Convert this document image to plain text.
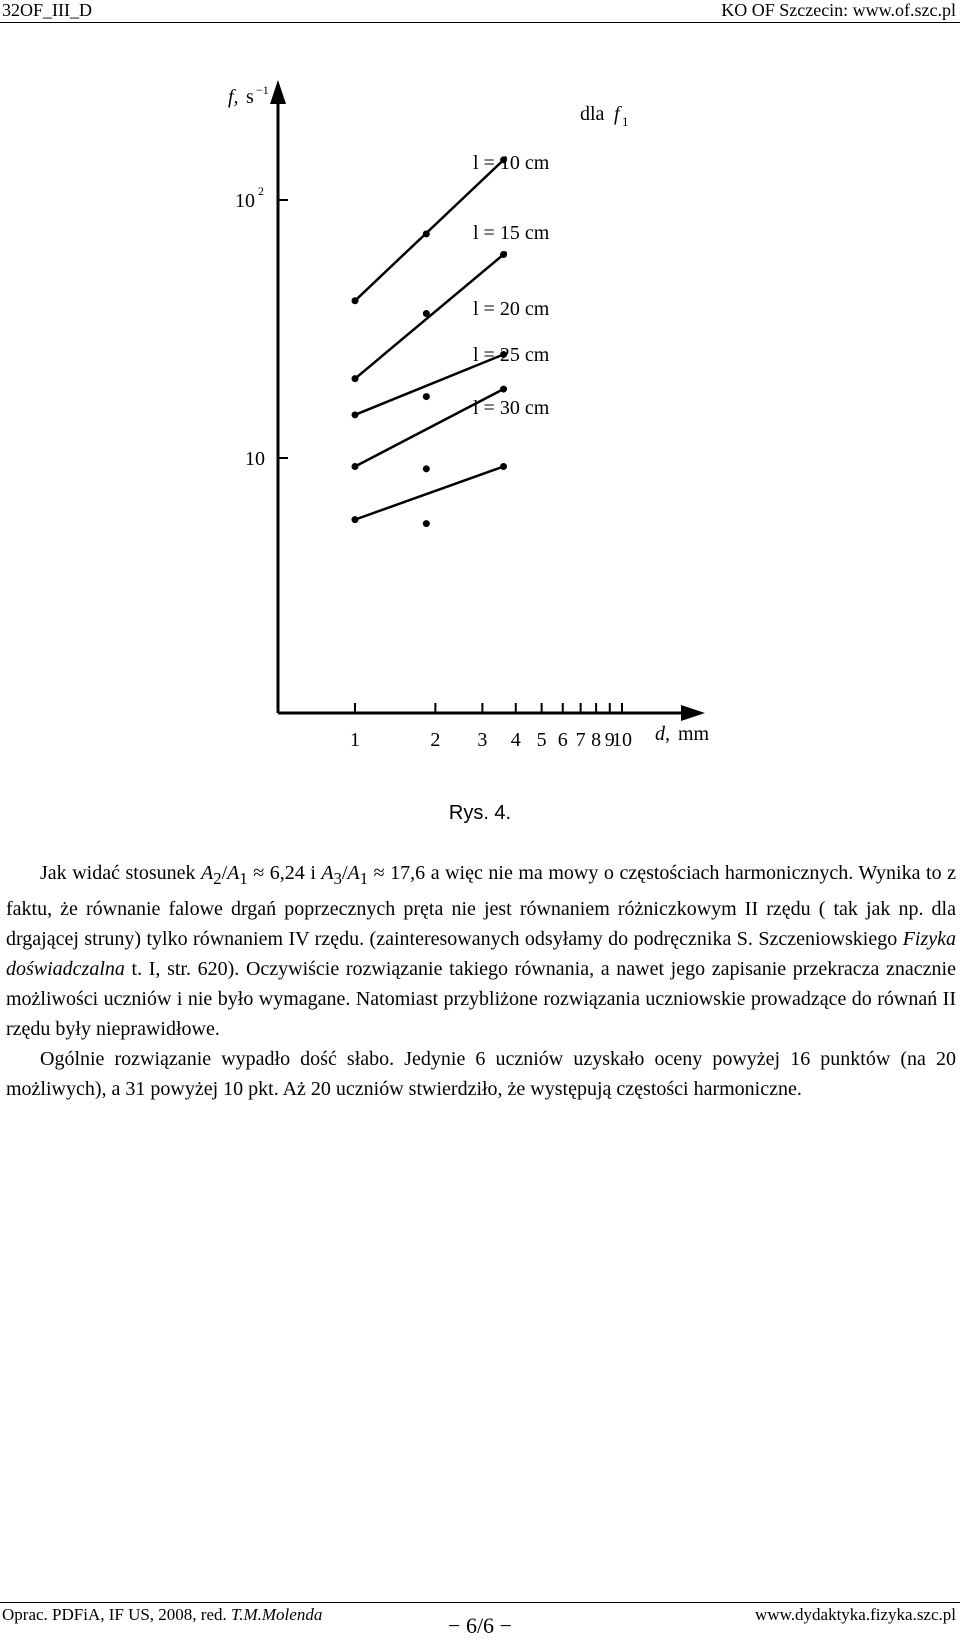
32OF_III_D	KO OF Szczecin: www.of.szc.pl
1	2 3 4 5 6 7 8 9
10
10
10 2
d, mm
f, s −1
dla f 1
l = 10 cm
l = 15 cm
l = 20 cm
l = 25 cm
l = 30 cm
Rys. 4.

Jak widać stosunek $A_2/A_1 \approx 6,24$ i $A_3/A_1 \approx 17,6$ a więc nie ma mowy o częstościach harmonicznych. Wynika to z faktu, że równanie falowe drgań poprzecznych pręta nie jest równaniem różniczkowym II rzędu ( tak jak np. dla drgającej struny) tylko równaniem IV rzędu. (zainteresowanych odsyłamy do podręcznika S. Szczeniowskiego Fizyka doświadczalna t. I, str. 620). Oczywiście rozwiązanie takiego równania, a nawet jego zapisanie przekracza znacznie możliwości uczniów i nie było wymagane. Natomiast przybliżone rozwiązania uczniowskie prowadzące do równań II rzędu były nieprawidłowe.

Ogólnie rozwiązanie wypadło dość słabo. Jedynie 6 uczniów uzyskało oceny powyżej 16 punktów (na 20 możliwych), a 31 powyżej 10 pkt. Aż 20 uczniów stwierdziło, że występują częstości harmoniczne.

Oprac. PDFiA, IF US, 2008, red. T.M.Molenda	− 6/6 −	www.dydaktyka.fizyka.szc.pl
